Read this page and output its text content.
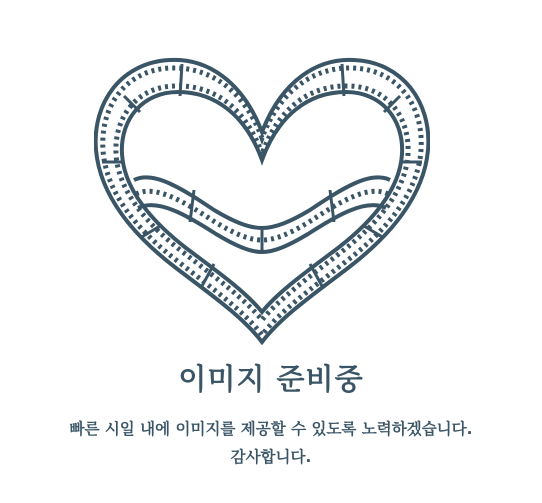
이미지 준비중
빠른 시일 내에 이미지를 제공할 수 있도록 노력하겠습니다.
감사합니다.
